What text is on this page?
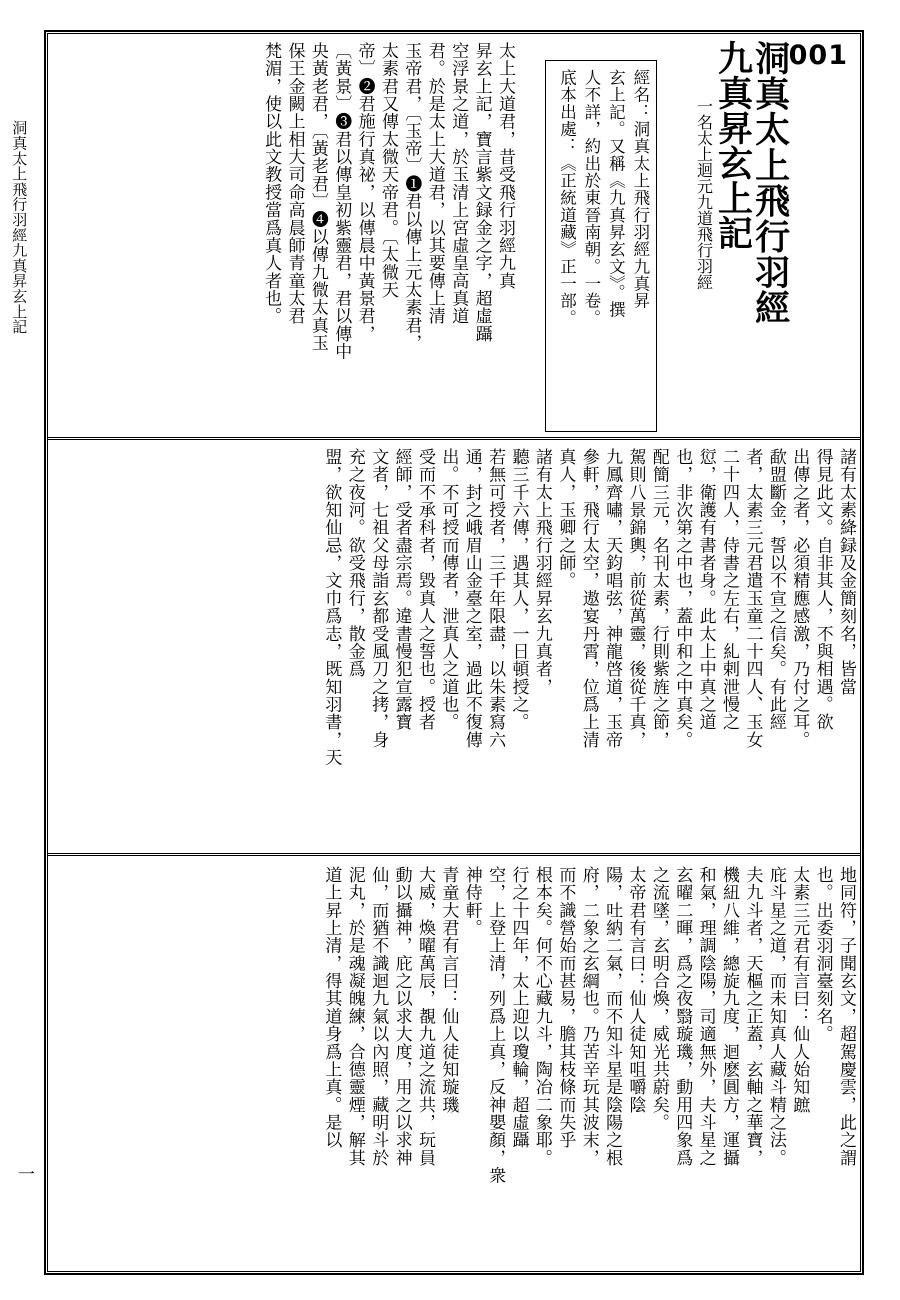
001
洞真太上飛行羽經
九真昇玄上記
一名太上迴元九道飛行羽經
經名：洞真太上飛行羽經九真昇
玄上記。又稱《九真昇玄文》。撰
人不詳，約出於東晉南朝。一卷。
底本出處：《正統道藏》正一部。
太上大道君，昔受飛行羽經九真
昇玄上記，寶言紫文録金之字，超虛躡
空浮景之道，於玉清上宮虛皇高真道
君。於是太上大道君，以其要傳上清
玉帝君，〔玉帝〕❶君以傳上元太素君，
太素君又傳太微天帝君。〔太微天
帝〕❷君施行真祕，以傳晨中黃景君，
〔黃景〕❸君以傳皇初紫靈君，君以傳中
央黃老君，〔黃老君〕❹以傳九微太真玉
保王金闕上相大司命高晨師青童太君
梵湄，使以此文教授當爲真人者也。
諸有太素絳録及金簡刻名，皆當
得見此文。自非其人，不與相遇。欲
出傳之者，必須精應感激，乃付之耳。
歃盟斷金，誓以不宣之信矣。有此經
者，太素三元君遣玉童二十四人、玉女
二十四人，侍書之左右，糺剌泄慢之
愆，衛護有書者身。此太上中真之道
也，非次第之中也，蓋中和之中真矣。
配簡三元，名刊太素，行則紫旌之節，
駕則八景錦輿，前從萬靈，後從千真，
九鳳齊嘯，天鈞唱弦，神龍啓道，玉帝
參軒，飛行太空，遨宴丹霄，位爲上清
真人，玉卿之師。
諸有太上飛行羽經昇玄九真者，
聽三千六傳，遇其人，一日頓授之。
若無可授者，三千年限盡，以朱素寫六
通，封之峨眉山金臺之室，過此不復傳
出。不可授而傳者，泄真人之道也。
受而不承科者，毀真人之誓也。授者
經師，受者盡宗焉。違書慢犯宣露寶
文者，七祖父母詣玄都受風刀之拷，身
充之夜河。欲受飛行，散金爲
盟，欲知仙忌，文巾爲志，既知羽書，天
地同符，子聞玄文，超駕慶雲，此之謂
也。出委羽洞臺刻名。
太素三元君有言曰：仙人始知蹠
庇斗星之道，而未知真人藏斗精之法。
夫九斗者，天樞之正蓋，玄軸之華寶，
機紐八維，總旋九度，迴麽圓方，運攝
和氣，理調陰陽，司適無外，夫斗星之
玄曜二暉，爲之夜翳璇璣，動用四象爲
之流墜，玄明合煥，威光共蔚矣。
太帝君有言曰：仙人徒知咀嚼陰
陽，吐納二氣，而不知斗星是陰陽之根
府，二象之玄綱也。乃苦辛玩其波末，
而不識營始而甚易，膽其枝條而失乎
根本矣。何不心藏九斗，陶冶二象耶。
行之十四年，太上迎以瓊輪，超虛躡
空，上登上清，列爲上真，反神嬰顏，衆
神侍軒。
青童大君有言曰：仙人徒知璇璣
大威，煥曜萬辰，覩九道之流共，玩員
動以攝神，庇之以求大度，用之以求神
仙，而猶不識迴九氣以內照，藏明斗於
泥丸，於是魂凝魄練，合德靈煙，解其
道上昇上清，得其道身爲上真。是以
洞真太上飛行羽經九真昇玄上記
一
